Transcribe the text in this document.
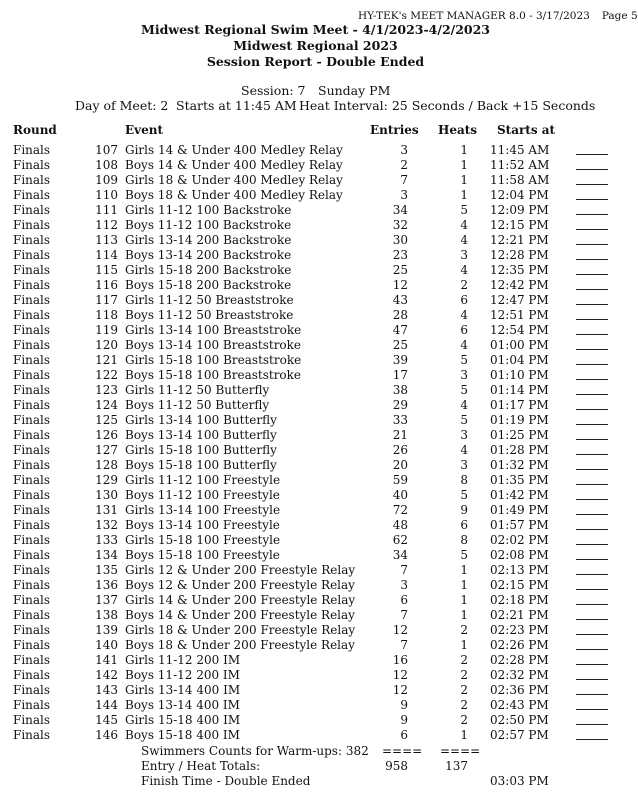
HY-TEK's MEET MANAGER 8.0 - 3/17/2023 Page 5
Midwest Regional Swim Meet - 4/1/2023-4/2/2023
Midwest Regional 2023
Session Report - Double Ended
Session: 7 Sunday PM
Day of Meet: 2 Starts at 11:45 AM Heat Interval: 25 Seconds / Back +15 Seconds
Round	Event	Entries Heats Starts at
Finals	107 Girls 14 & Under 400 Medley Relay	3	1 11:45 AM
Finals	108 Boys 14 & Under 400 Medley Relay	2	1 11:52 AM
Finals	109 Girls 18 & Under 400 Medley Relay	7	1 11:58 AM
Finals	110 Boys 18 & Under 400 Medley Relay	3	1 12:04 PM
Finals	111 Girls 11-12 100 Backstroke	34	5 12:09 PM
Finals	112 Boys 11-12 100 Backstroke	32	4 12:15 PM
Finals	113 Girls 13-14 200 Backstroke	30	4 12:21 PM
Finals	114 Boys 13-14 200 Backstroke	23	3 12:28 PM
Finals	115 Girls 15-18 200 Backstroke	25	4 12:35 PM
Finals	116 Boys 15-18 200 Backstroke	12	2 12:42 PM
Finals	117 Girls 11-12 50 Breaststroke	43	6 12:47 PM
Finals	118 Boys 11-12 50 Breaststroke	28	4 12:51 PM
Finals	119 Girls 13-14 100 Breaststroke	47	6 12:54 PM
Finals	120 Boys 13-14 100 Breaststroke	25	4 01:00 PM
Finals	121 Girls 15-18 100 Breaststroke	39	5 01:04 PM
Finals	122 Boys 15-18 100 Breaststroke	17	3 01:10 PM
Finals	123 Girls 11-12 50 Butterfly	38	5 01:14 PM
Finals	124 Boys 11-12 50 Butterfly	29	4 01:17 PM
Finals	125 Girls 13-14 100 Butterfly	33	5 01:19 PM
Finals	126 Boys 13-14 100 Butterfly	21	3 01:25 PM
Finals	127 Girls 15-18 100 Butterfly	26	4 01:28 PM
Finals	128 Boys 15-18 100 Butterfly	20	3 01:32 PM
Finals	129 Girls 11-12 100 Freestyle	59	8 01:35 PM
Finals	130 Boys 11-12 100 Freestyle	40	5 01:42 PM
Finals	131 Girls 13-14 100 Freestyle	72	9 01:49 PM
Finals	132 Boys 13-14 100 Freestyle	48	6 01:57 PM
Finals	133 Girls 15-18 100 Freestyle	62	8 02:02 PM
Finals	134 Boys 15-18 100 Freestyle	34	5 02:08 PM
Finals	135 Girls 12 & Under 200 Freestyle Relay	7	1 02:13 PM
Finals	136 Boys 12 & Under 200 Freestyle Relay	3	1 02:15 PM
Finals	137 Girls 14 & Under 200 Freestyle Relay	6	1 02:18 PM
Finals	138 Boys 14 & Under 200 Freestyle Relay	7	1 02:21 PM
Finals	139 Girls 18 & Under 200 Freestyle Relay	12	2 02:23 PM
Finals	140 Boys 18 & Under 200 Freestyle Relay	7	1 02:26 PM
Finals	141 Girls 11-12 200 IM	16	2 02:28 PM
Finals	142 Boys 11-12 200 IM	12	2 02:32 PM
Finals	143 Girls 13-14 400 IM	12	2 02:36 PM
Finals	144 Boys 13-14 400 IM	9	2 02:43 PM
Finals	145 Girls 15-18 400 IM	9	2 02:50 PM
Finals	146 Boys 15-18 400 IM	6	1 02:57 PM
Swimmers Counts for Warm-ups: 382 ==== ====
Entry / Heat Totals:	958	137
Finish Time - Double Ended	03:03 PM
